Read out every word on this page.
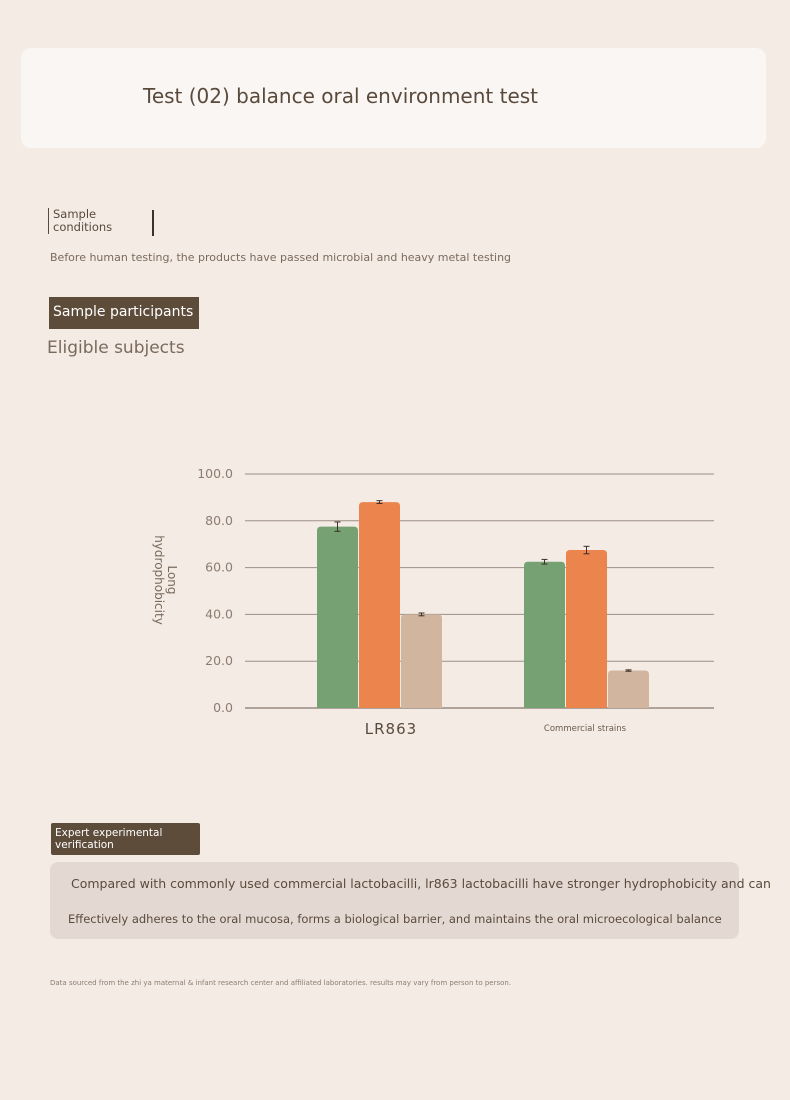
Test (02) balance oral environment test
Sample conditions
Before human testing, the products have passed microbial and heavy metal testing
Sample participants
Eligible subjects
0.0
20.0
40.0
60.0
80.0
100.0
Longhydrophobicity
LR863	Commercial strains
Expert experimental verification
Compared with commonly used commercial lactobacilli, lr863 lactobacilli have stronger hydrophobicity and can
Effectively adheres to the oral mucosa, forms a biological barrier, and maintains the oral microecological balance
Data sourced from the zhi ya maternal & infant research center and affiliated laboratories. results may vary from person to person.
